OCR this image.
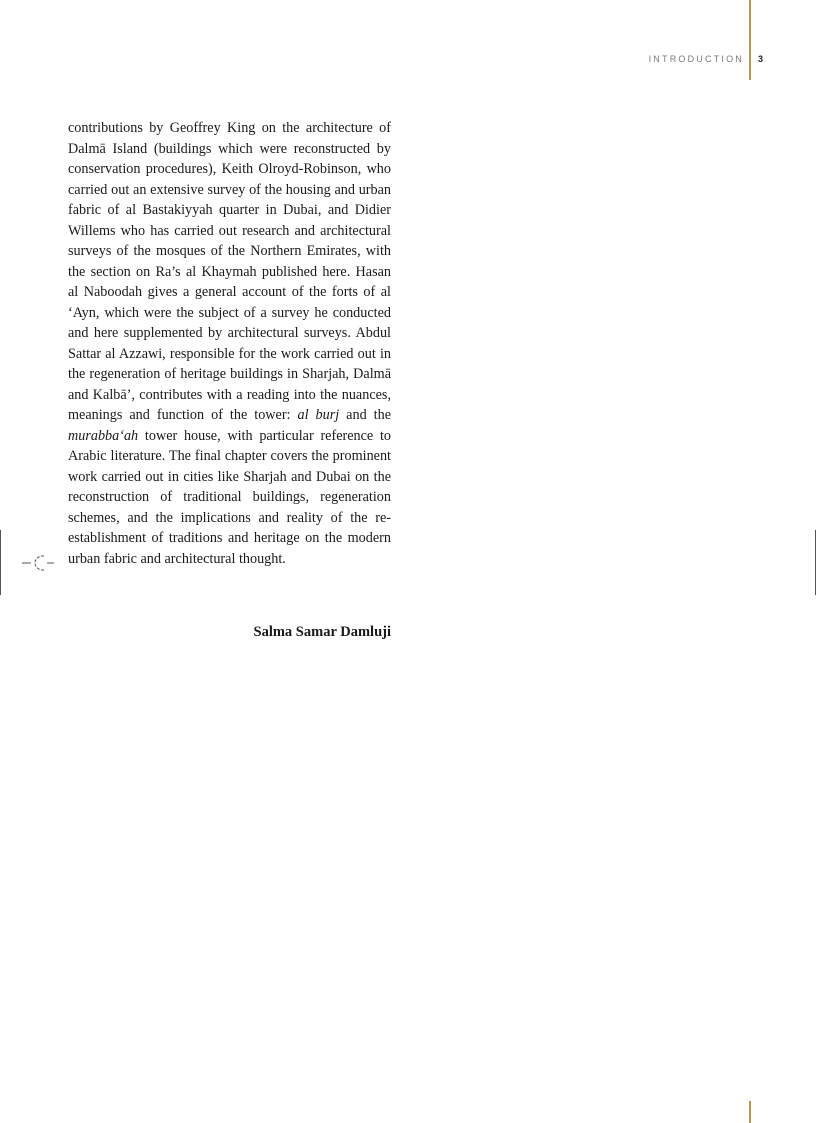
INTRODUCTION 3

contributions by Geoffrey King on the architecture of Dalmā Island (buildings which were reconstructed by conservation procedures), Keith Olroyd-Robinson, who carried out an extensive survey of the housing and urban fabric of al Bastakiyyah quarter in Dubai, and Didier Willems who has carried out research and architectural surveys of the mosques of the Northern Emirates, with the section on Ra’s al Khaymah published here. Hasan al Naboodah gives a general account of the forts of al ‘Ayn, which were the subject of a survey he conducted and here supplemented by architectural surveys. Abdul Sattar al Azzawi, responsible for the work carried out in the regeneration of heritage buildings in Sharjah, Dalmā and Kalbā’, contributes with a reading into the nuances, meanings and function of the tower: al burj and the murabba‘ah tower house, with particular reference to Arabic literature. The final chapter covers the prominent work carried out in cities like Sharjah and Dubai on the reconstruction of traditional buildings, regeneration schemes, and the implications and reality of the re-establishment of traditions and heritage on the modern urban fabric and architectural thought.

Salma Samar Damluji
